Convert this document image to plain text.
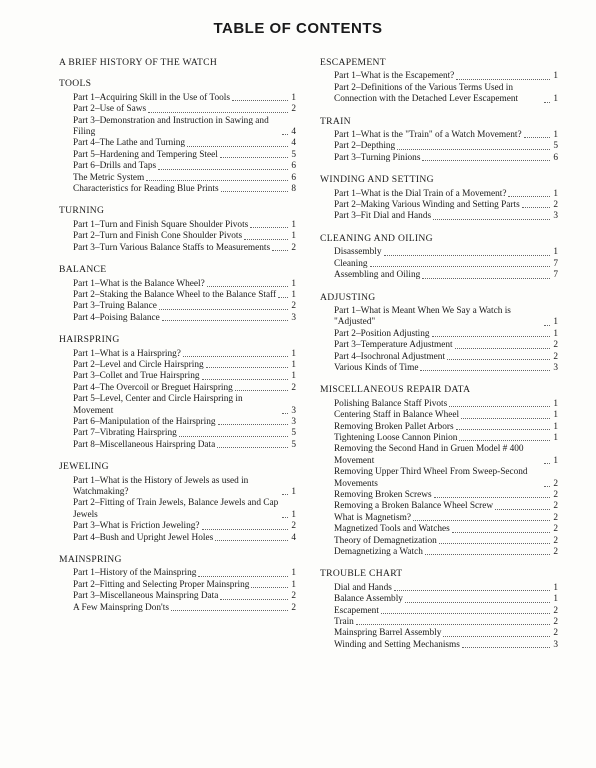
TABLE OF CONTENTS
A BRIEF HISTORY OF THE WATCH
TOOLS
Part 1–Acquiring Skill in the Use of Tools	1
Part 2–Use of Saws	2
Part 3–Demonstration and Instruction in Sawing and Filing	4
Part 4–The Lathe and Turning	4
Part 5–Hardening and Tempering Steel	5
Part 6–Drills and Taps	6
The Metric System	6
Characteristics for Reading Blue Prints	8
TURNING
Part 1–Turn and Finish Square Shoulder Pivots	1
Part 2–Turn and Finish Cone Shoulder Pivots	1
Part 3–Turn Various Balance Staffs to Measurements 2
BALANCE
Part 1–What is the Balance Wheel?	1
Part 2–Staking the Balance Wheel to the Balance Staff 1
Part 3–Truing Balance	2
Part 4–Poising Balance	3
HAIRSPRING
Part 1–What is a Hairspring?	1
Part 2–Level and Circle Hairspring	1
Part 3–Collet and True Hairspring	1
Part 4–The Overcoil or Breguet Hairspring	2
Part 5–Level, Center and Circle Hairspring in Movement	3
Part 6–Manipulation of the Hairspring	3
Part 7–Vibrating Hairspring	5
Part 8–Miscellaneous Hairspring Data	5
JEWELING
Part 1–What is the History of Jewels as used in Watchmaking?	1
Part 2–Fitting of Train Jewels, Balance Jewels and Cap Jewels	1
Part 3–What is Friction Jeweling?	2
Part 4–Bush and Upright Jewel Holes	4
MAINSPRING
Part 1–History of the Mainspring	1
Part 2–Fitting and Selecting Proper Mainspring	1
Part 3–Miscellaneous Mainspring Data	2
A Few Mainspring Don'ts	2
ESCAPEMENT
Part 1–What is the Escapement?	1
Part 2–Definitions of the Various Terms Used in Connection with the Detached Lever Escapement	1
TRAIN
Part 1–What is the "Train" of a Watch Movement?	1
Part 2–Depthing	5
Part 3–Turning Pinions	6
WINDING AND SETTING
Part 1–What is the Dial Train of a Movement?	1
Part 2–Making Various Winding and Setting Parts	2
Part 3–Fit Dial and Hands	3
CLEANING AND OILING
Disassembly	1
Cleaning	7
Assembling and Oiling	7
ADJUSTING
Part 1–What is Meant When We Say a Watch is "Adjusted"	1
Part 2–Position Adjusting	1
Part 3–Temperature Adjustment	2
Part 4–Isochronal Adjustment	2
Various Kinds of Time	3
MISCELLANEOUS REPAIR DATA
Polishing Balance Staff Pivots	1
Centering Staff in Balance Wheel	1
Removing Broken Pallet Arbors	1
Tightening Loose Cannon Pinion	1
Removing the Second Hand in Gruen Model # 400 Movement	1
Removing Upper Third Wheel From Sweep-Second Movements	2
Removing Broken Screws	2
Removing a Broken Balance Wheel Screw	2
What is Magnetism?	2
Magnetized Tools and Watches	2
Theory of Demagnetization	2
Demagnetizing a Watch	2
TROUBLE CHART
Dial and Hands	1
Balance Assembly	1
Escapement	2
Train	2
Mainspring Barrel Assembly	2
Winding and Setting Mechanisms	3
